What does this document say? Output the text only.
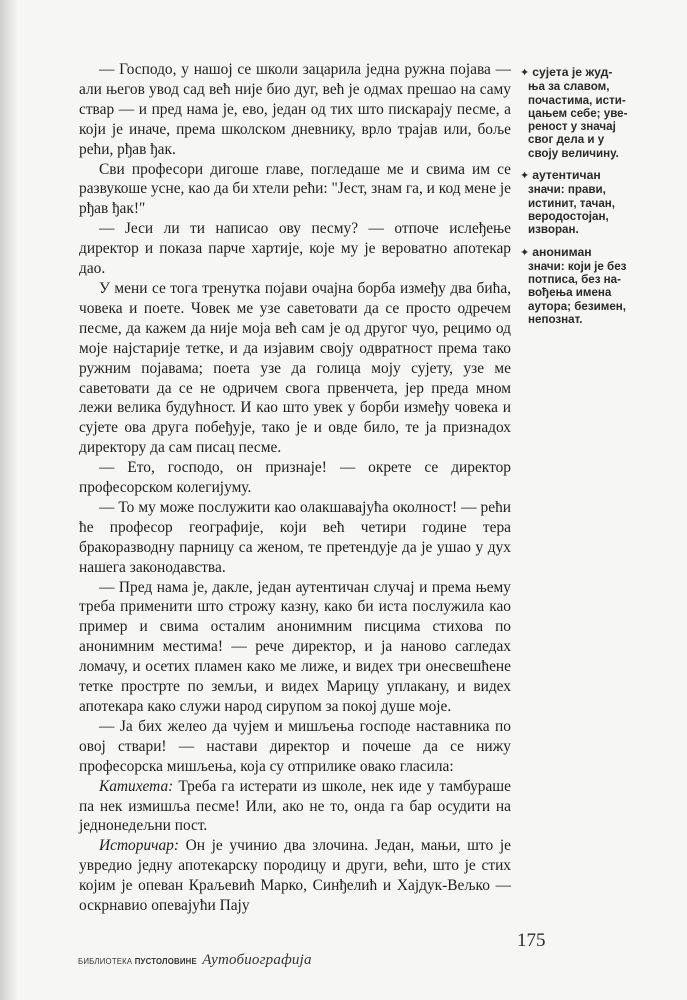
— Господо, у нашој се школи зацарила једна ружна појава — али његов увод сад већ није био дуг, већ је одмах прешао на саму ствар — и пред нама је, ево, један од тих што пискарају песме, а који је иначе, према школском дневнику, врло трајав или, боље рећи, рђав ђак.

Сви професори дигоше главе, погледаше ме и свима им се развукоше усне, као да би хтели рећи: "Јест, знам га, и код мене је рђав ђак!"

— Јеси ли ти написао ову песму? — отпоче ислеђење директор и показа парче хартије, које му је вероватно апотекар дао.

У мени се тога тренутка појави очајна борба између два бића, човека и поете. Човек ме узе саветовати да се просто одречем песме, да кажем да није моја већ сам је од другог чуо, рецимо од моје најстарије тетке, и да изјавим своју одвратност према тако ружним појавама; поета узе да голица моју сујету, узе ме саветовати да се не одричем свога првенчета, јер преда мном лежи велика будућност. И као што увек у борби између човека и сујете ова друга побеђује, тако је и овде било, те ја признадох директору да сам писац песме.

— Ето, господо, он признаје! — окрете се директор професорском колегијуму.

— То му може послужити као олакшавајућа околност! — рећи ће професор географије, који већ четири године тера бракоразводну парницу са женом, те претендује да је ушао у дух нашега законодавства.

— Пред нама је, дакле, један аутентичан случај и према њему треба применити што строжу казну, како би иста послужила као пример и свима осталим анонимним писцима стихова по анонимним местима! — рече директор, и ја наново сагледах ломачу, и осетих пламен како ме лиже, и видех три онесвешћене тетке простртe по земљи, и видех Марицу уплакану, и видех апотекара како служи народ сирупом за покој душе моје.

— Ја бих желео да чујем и мишљења господе наставника по овој ствари! — настави директор и почеше да се нижу професорска мишљења, која су отприлике овако гласила:

Катихета: Треба га истерати из школе, нек иде у тамбураше па нек измишља песме! Или, ако не то, онда га бар осудити на једнонедељни пост.

Историчар: Он је учинио два злочина. Један, мањи, што је увредио једну апотекарску породицу и други, већи, што је стих којим је опеван Краљевић Марко, Синђелић и Хајдук-Вељко — оскрнавио опевајући Пају

✦ сујета је жуд-
ња за славом,
почастима, исти-
цањем себе; уве-
реност у значај
свог дела и у
своју величину.
✦ аутентичан
значи: прави,
истинит, тачан,
веродостојан,
изворан.
✦ анониман
значи: који је без
потписа, без на-
вођења имена
аутора; безимен,
непознат.
БИБЛИОТЕКА ПУСТОЛОВИНЕ Аутобиографија
175
